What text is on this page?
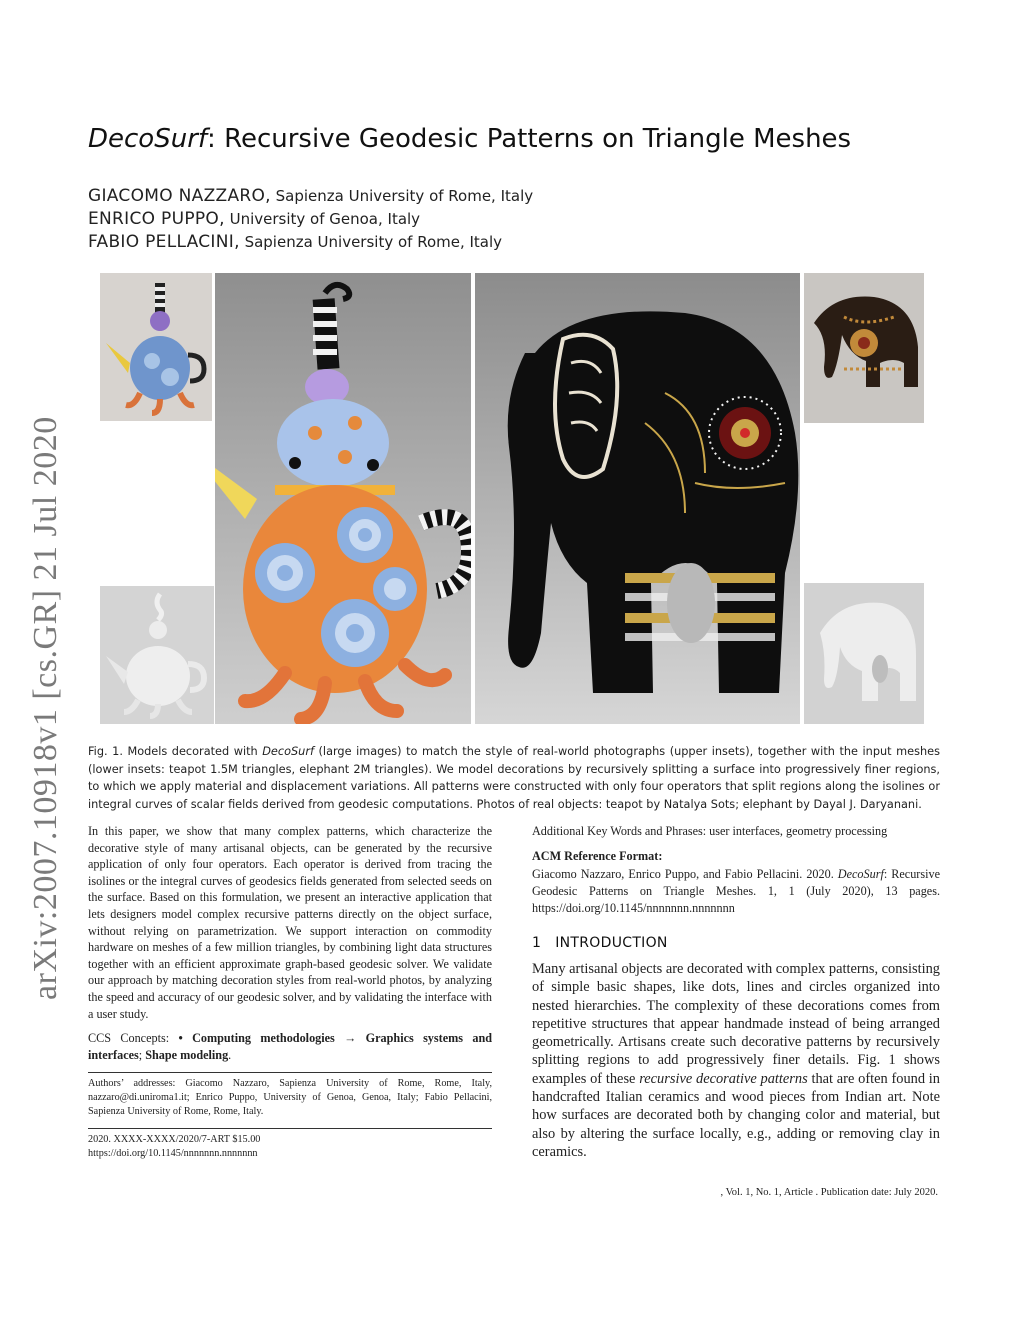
arXiv:2007.10918v1 [cs.GR] 21 Jul 2020
DecoSurf: Recursive Geodesic Patterns on Triangle Meshes
GIACOMO NAZZARO, Sapienza University of Rome, Italy
ENRICO PUPPO, University of Genoa, Italy
FABIO PELLACINI, Sapienza University of Rome, Italy
Fig. 1. Models decorated with DecoSurf (large images) to match the style of real-world photographs (upper insets), together with the input meshes (lower insets: teapot 1.5M triangles, elephant 2M triangles). We model decorations by recursively splitting a surface into progressively finer regions, to which we apply material and displacement variations. All patterns were constructed with only four operators that split regions along the isolines or integral curves of scalar fields derived from geodesic computations. Photos of real objects: teapot by Natalya Sots; elephant by Dayal J. Daryanani.
In this paper, we show that many complex patterns, which characterize the decorative style of many artisanal objects, can be generated by the recursive application of only four operators. Each operator is derived from tracing the isolines or the integral curves of geodesics fields generated from selected seeds on the surface. Based on this formulation, we present an interactive application that lets designers model complex recursive patterns directly on the object surface, without relying on parametrization. We support interaction on commodity hardware on meshes of a few million triangles, by combining light data structures together with an efficient approximate graph-based geodesic solver. We validate our approach by matching decoration styles from real-world photos, by analyzing the speed and accuracy of our geodesic solver, and by validating the interface with a user study.
CCS Concepts: • Computing methodologies → Graphics systems and interfaces; Shape modeling.
Authors’ addresses: Giacomo Nazzaro, Sapienza University of Rome, Rome, Italy, nazzaro@di.uniroma1.it; Enrico Puppo, University of Genoa, Genoa, Italy; Fabio Pellacini, Sapienza University of Rome, Rome, Italy.
2020. XXXX-XXXX/2020/7-ART $15.00
https://doi.org/10.1145/nnnnnnn.nnnnnnn
Additional Key Words and Phrases: user interfaces, geometry processing
ACM Reference Format:
Giacomo Nazzaro, Enrico Puppo, and Fabio Pellacini. 2020. DecoSurf: Recursive Geodesic Patterns on Triangle Meshes. 1, 1 (July 2020), 13 pages. https://doi.org/10.1145/nnnnnnn.nnnnnnn
1 INTRODUCTION
Many artisanal objects are decorated with complex patterns, consisting of simple basic shapes, like dots, lines and circles organized into nested hierarchies. The complexity of these decorations comes from repetitive structures that appear handmade instead of being arranged geometrically. Artisans create such decorative patterns by recursively splitting regions to add progressively finer details. Fig. 1 shows examples of these recursive decorative patterns that are often found in handcrafted Italian ceramics and wood pieces from Indian art. Note how surfaces are decorated both by changing color and material, but also by altering the surface locally, e.g., adding or removing clay in ceramics.
, Vol. 1, No. 1, Article . Publication date: July 2020.
